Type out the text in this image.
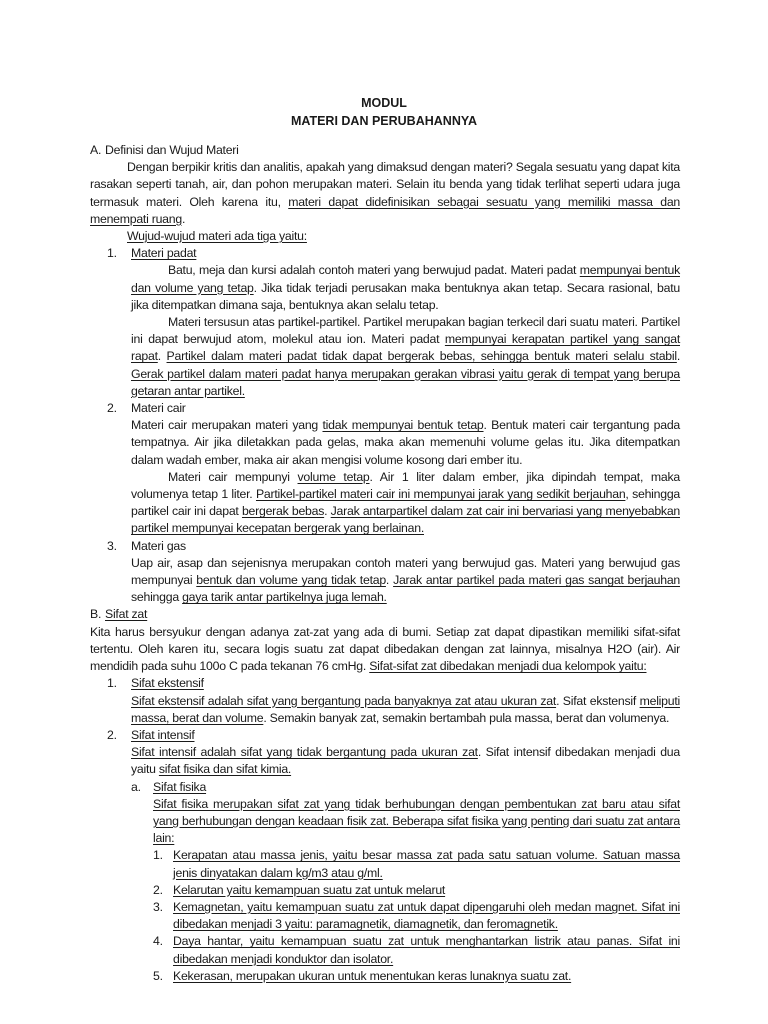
MODUL
MATERI DAN PERUBAHANNYA
A. Definisi dan Wujud Materi

Dengan berpikir kritis dan analitis, apakah yang dimaksud dengan materi? Segala sesuatu yang dapat kita rasakan seperti tanah, air, dan pohon merupakan materi. Selain itu benda yang tidak terlihat seperti udara juga termasuk materi. Oleh karena itu, materi dapat didefinisikan sebagai sesuatu yang memiliki massa dan menempati ruang.

Wujud-wujud materi ada tiga yaitu:

1.	Materi padat

Batu, meja dan kursi adalah contoh materi yang berwujud padat. Materi padat mempunyai bentuk dan volume yang tetap. Jika tidak terjadi perusakan maka bentuknya akan tetap. Secara rasional, batu jika ditempatkan dimana saja, bentuknya akan selalu tetap.

Materi tersusun atas partikel-partikel. Partikel merupakan bagian terkecil dari suatu materi. Partikel ini dapat berwujud atom, molekul atau ion. Materi padat mempunyai kerapatan partikel yang sangat rapat. Partikel dalam materi padat tidak dapat bergerak bebas, sehingga bentuk materi selalu stabil. Gerak partikel dalam materi padat hanya merupakan gerakan vibrasi yaitu gerak di tempat yang berupa getaran antar partikel.

2.	Materi cair

Materi cair merupakan materi yang tidak mempunyai bentuk tetap. Bentuk materi cair tergantung pada tempatnya. Air jika diletakkan pada gelas, maka akan memenuhi volume gelas itu. Jika ditempatkan dalam wadah ember, maka air akan mengisi volume kosong dari ember itu.

Materi cair mempunyi volume tetap. Air 1 liter dalam ember, jika dipindah tempat, maka volumenya tetap 1 liter. Partikel-partikel materi cair ini mempunyai jarak yang sedikit berjauhan, sehingga partikel cair ini dapat bergerak bebas. Jarak antarpartikel dalam zat cair ini bervariasi yang menyebabkan partikel mempunyai kecepatan bergerak yang berlainan.

3.	Materi gas

Uap air, asap dan sejenisnya merupakan contoh materi yang berwujud gas. Materi yang berwujud gas mempunyai bentuk dan volume yang tidak tetap. Jarak antar partikel pada materi gas sangat berjauhan sehingga gaya tarik antar partikelnya juga lemah.

B. Sifat zat

Kita harus bersyukur dengan adanya zat-zat yang ada di bumi. Setiap zat dapat dipastikan memiliki sifat-sifat tertentu. Oleh karen itu, secara logis suatu zat dapat dibedakan dengan zat lainnya, misalnya H2O (air). Air mendidih pada suhu 100o C pada tekanan 76 cmHg. Sifat-sifat zat dibedakan menjadi dua kelompok yaitu:

1.	Sifat ekstensif

Sifat ekstensif adalah sifat yang bergantung pada banyaknya zat atau ukuran zat. Sifat ekstensif meliputi massa, berat dan volume. Semakin banyak zat, semakin bertambah pula massa, berat dan volumenya.

2.	Sifat intensif

Sifat intensif adalah sifat yang tidak bergantung pada ukuran zat. Sifat intensif dibedakan menjadi dua yaitu sifat fisika dan sifat kimia.

a. Sifat fisika

Sifat fisika merupakan sifat zat yang tidak berhubungan dengan pembentukan zat baru atau sifat yang berhubungan dengan keadaan fisik zat. Beberapa sifat fisika yang penting dari suatu zat antara lain:

1. Kerapatan atau massa jenis, yaitu besar massa zat pada satu satuan volume. Satuan massa jenis dinyatakan dalam kg/m3 atau g/ml.
2. Kelarutan yaitu kemampuan suatu zat untuk melarut
3. Kemagnetan, yaitu kemampuan suatu zat untuk dapat dipengaruhi oleh medan magnet. Sifat ini dibedakan menjadi 3 yaitu: paramagnetik, diamagnetik, dan feromagnetik.
4. Daya hantar, yaitu kemampuan suatu zat untuk menghantarkan listrik atau panas. Sifat ini dibedakan menjadi konduktor dan isolator.
5. Kekerasan, merupakan ukuran untuk menentukan keras lunaknya suatu zat.
